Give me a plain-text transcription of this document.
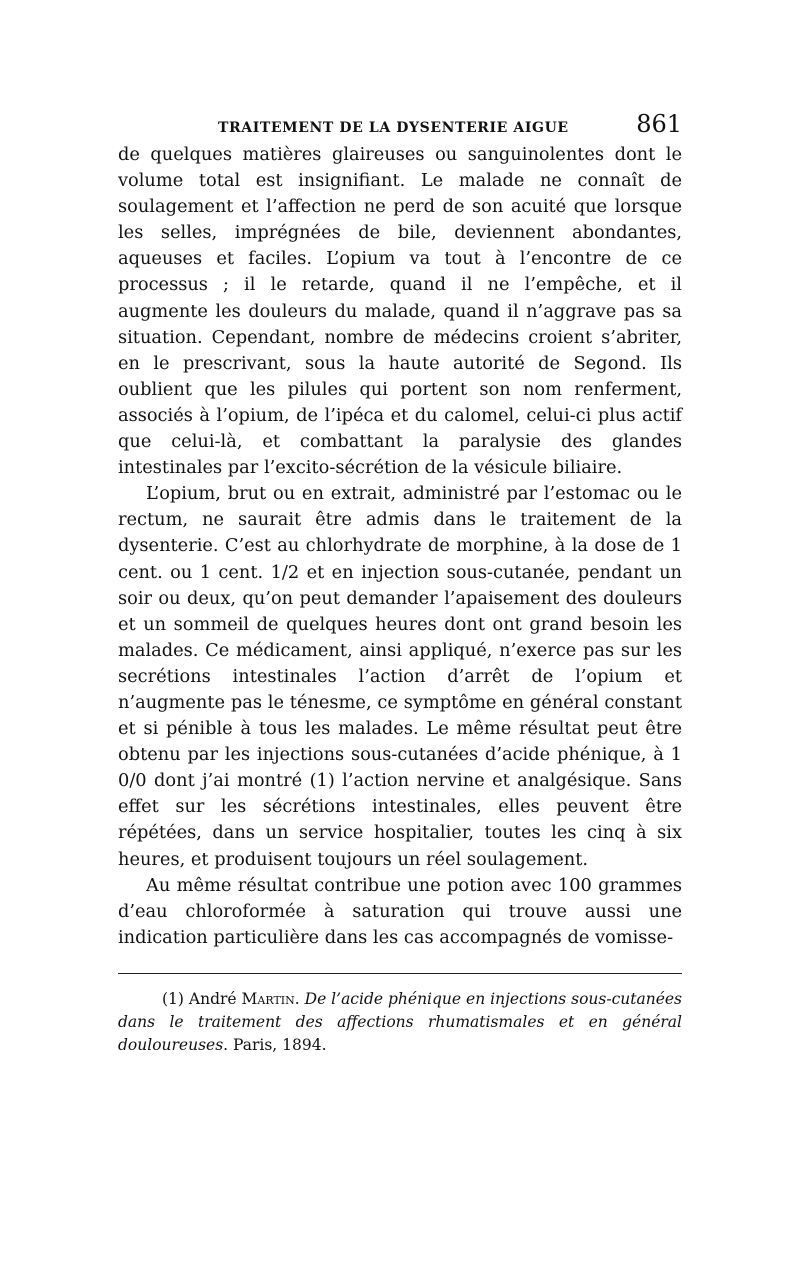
TRAITEMENT DE LA DYSENTERIE AIGUE	861

de quelques matières glaireuses ou sanguinolentes dont le volume total est insignifiant. Le malade ne connaît de soulagement et l’affection ne perd de son acuité que lorsque les selles, imprégnées de bile, deviennent abondantes, aqueuses et faciles. L’opium va tout à l’encontre de ce processus ; il le retarde, quand il ne l’empêche, et il augmente les douleurs du malade, quand il n’aggrave pas sa situation. Cependant, nombre de médecins croient s’abriter, en le prescrivant, sous la haute autorité de Segond. Ils oublient que les pilules qui portent son nom renferment, associés à l’opium, de l’ipéca et du calomel, celui-ci plus actif que celui-là, et combattant la paralysie des glandes intestinales par l’excito-sécrétion de la vésicule biliaire.

L’opium, brut ou en extrait, administré par l’estomac ou le rectum, ne saurait être admis dans le traitement de la dysenterie. C’est au chlorhydrate de morphine, à la dose de 1 cent. ou 1 cent. 1/2 et en injection sous-cutanée, pendant un soir ou deux, qu’on peut demander l’apaisement des douleurs et un sommeil de quelques heures dont ont grand besoin les malades. Ce médicament, ainsi appliqué, n’exerce pas sur les secrétions intestinales l’action d’arrêt de l’opium et n’augmente pas le ténesme, ce symptôme en général constant et si pénible à tous les malades. Le même résultat peut être obtenu par les injections sous-cutanées d’acide phénique, à 1 0/0 dont j’ai montré (1) l’action nervine et analgésique. Sans effet sur les sécrétions intestinales, elles peuvent être répétées, dans un service hospitalier, toutes les cinq à six heures, et produisent toujours un réel soulagement.

Au même résultat contribue une potion avec 100 grammes d’eau chloroformée à saturation qui trouve aussi une indication particulière dans les cas accompagnés de vomisse-

(1) André Martin. De l’acide phénique en injections sous-cutanées dans le traitement des affections rhumatismales et en général douloureuses. Paris, 1894.
